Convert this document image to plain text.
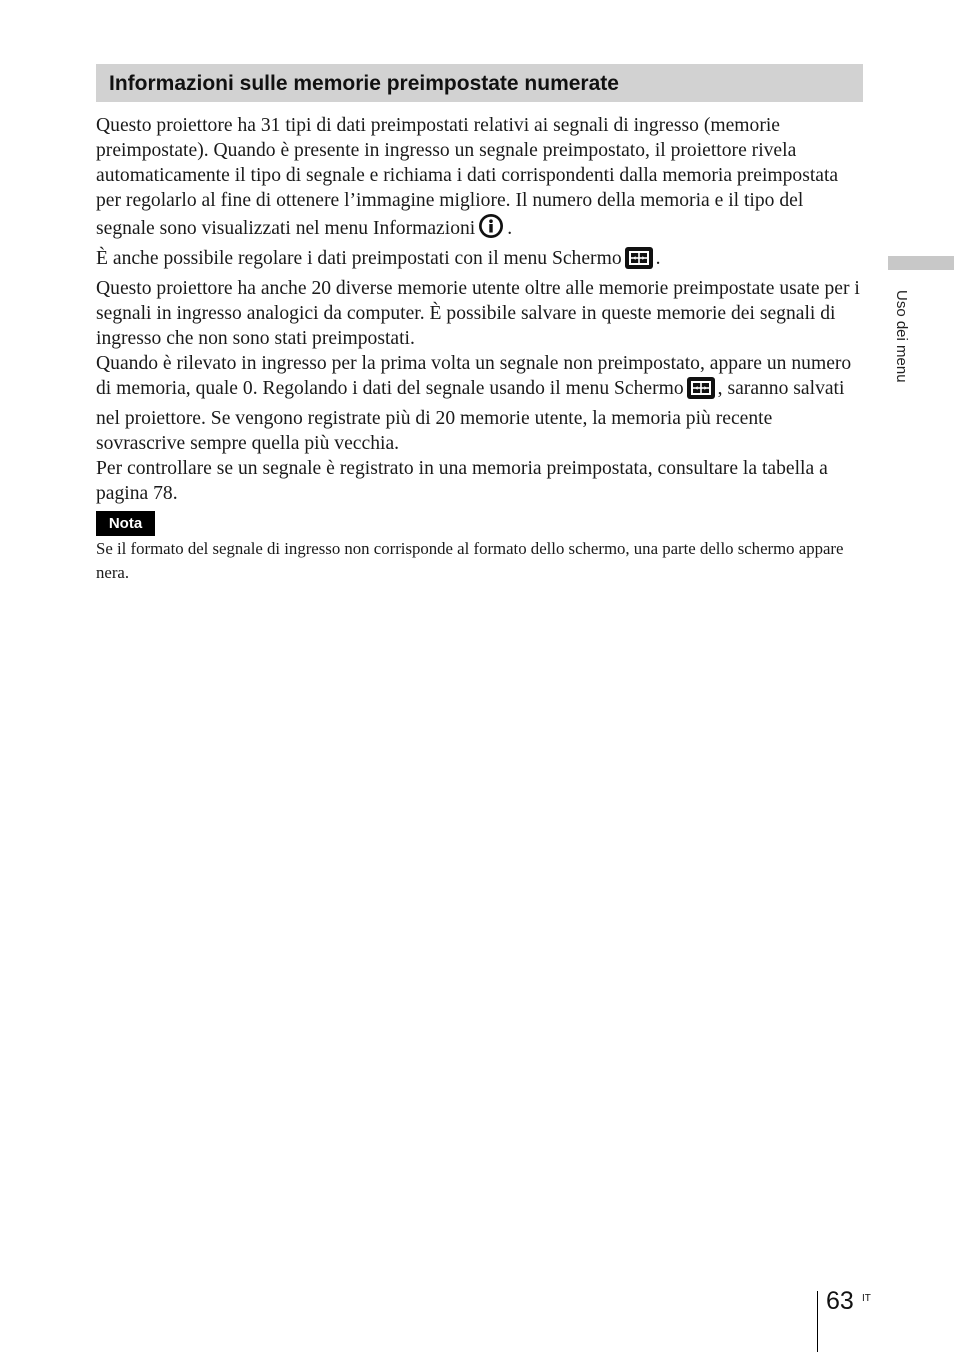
Informazioni sulle memorie preimpostate numerate

Questo proiettore ha 31 tipi di dati preimpostati relativi ai segnali di ingresso (memorie preimpostate). Quando è presente in ingresso un segnale preimpostato, il proiettore rivela automaticamente il tipo di segnale e richiama i dati corrispondenti dalla memoria preimpostata per regolarlo al fine di ottenere l’immagine migliore. Il numero della memoria e il tipo del segnale sono visualizzati nel menu Informazioni .

È anche possibile regolare i dati preimpostati con il menu Schermo .

Questo proiettore ha anche 20 diverse memorie utente oltre alle memorie preimpostate usate per i segnali in ingresso analogici da computer. È possibile salvare in queste memorie dei segnali di ingresso che non sono stati preimpostati.

Quando è rilevato in ingresso per la prima volta un segnale non preimpostato, appare un numero di memoria, quale 0. Regolando i dati del segnale usando il menu Schermo , saranno salvati nel proiettore. Se vengono registrate più di 20 memorie utente, la memoria più recente sovrascrive sempre quella più vecchia.

Per controllare se un segnale è registrato in una memoria preimpostata, consultare la tabella a pagina 78.

Nota
Se il formato del segnale di ingresso non corrisponde al formato dello schermo, una parte dello schermo appare nera.
Uso dei menu
63 IT
